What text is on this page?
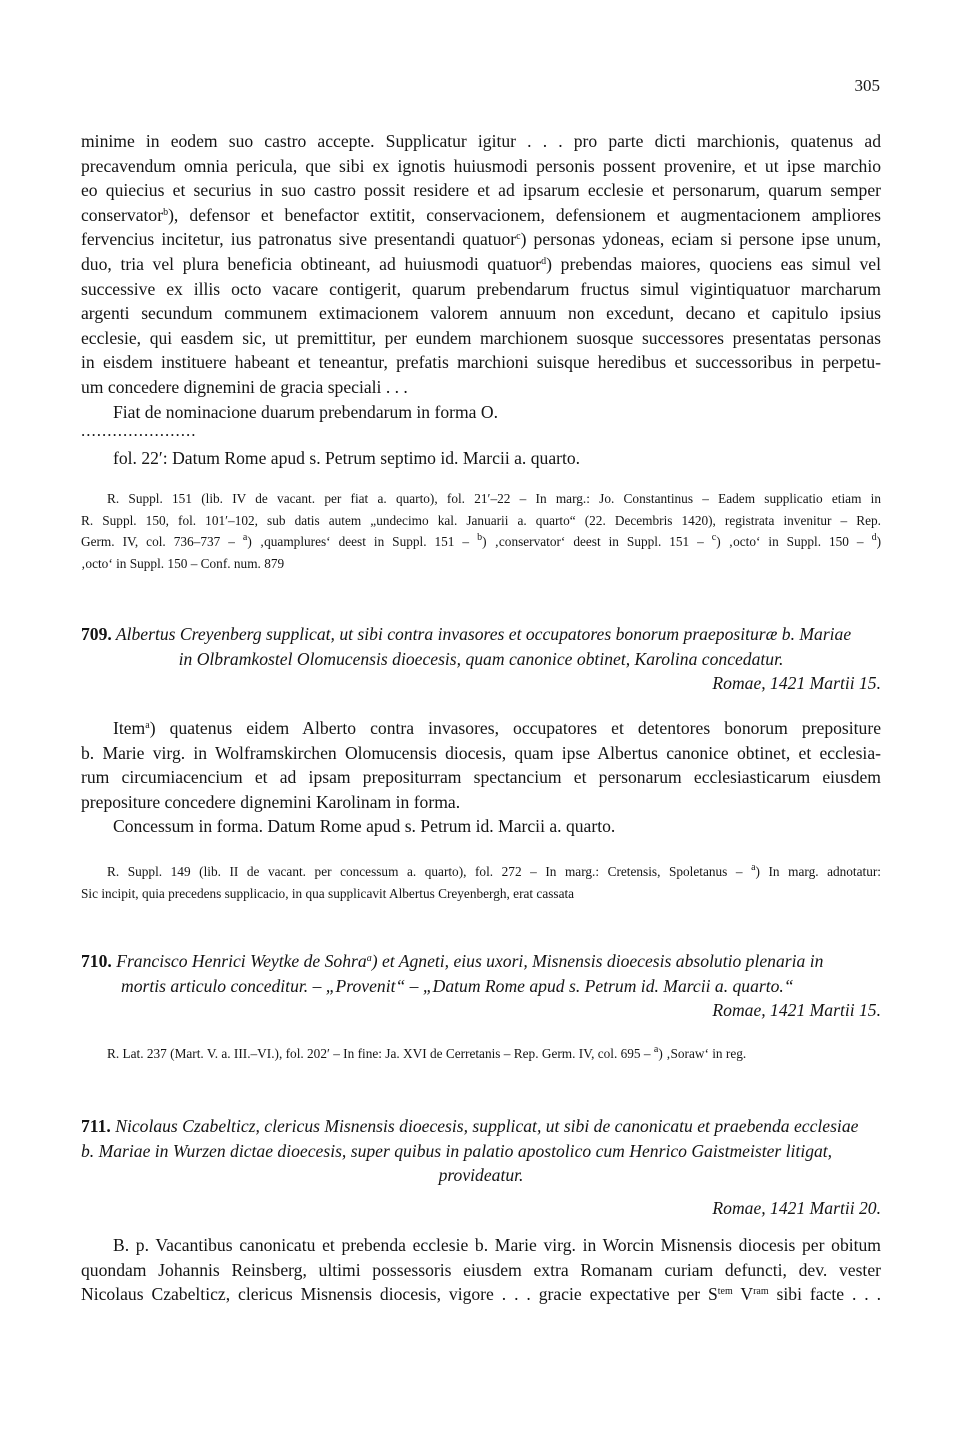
305

minime in eodem suo castro accepte. Supplicatur igitur . . . pro parte dicti marchionis, quatenus ad
precavendum omnia pericula, que sibi ex ignotis huiusmodi personis possent provenire, et ut ipse marchio
eo quiecius et securius in suo castro possit residere et ad ipsarum ecclesie et personarum, quarum semper
conservator$^b$), defensor et benefactor extitit, conservacionem, defensionem et augmentacionem ampliores
fervencius incitetur, ius patronatus sive presentandi quatuor$^c$) personas ydoneas, eciam si persone ipse unum,
duo, tria vel plura beneficia obtineant, ad huiusmodi quatuor$^d$) prebendas maiores, quociens eas simul vel
successive ex illis octo vacare contigerit, quarum prebendarum fructus simul vigintiquatuor marcharum
argenti secundum communem extimacionem valorem annuum non excedunt, decano et capitulo ipsius
ecclesie, qui easdem sic, ut premittitur, per eundem marchionem suosque successores presentatas personas
in eisdem instituere habeant et teneantur, prefatis marchioni suisque heredibus et successoribus in perpetu-
um concedere dignemini de gracia speciali . . .
Fiat de nominacione duarum prebendarum in forma O.

......................

fol. 22′: Datum Rome apud s. Petrum septimo id. Marcii a. quarto.

R. Suppl. 151 (lib. IV de vacant. per fiat a. quarto), fol. 21′–22 – In marg.: Jo. Constantinus – Eadem supplicatio etiam in
R. Suppl. 150, fol. 101′–102, sub datis autem „undecimo kal. Januarii a. quarto“ (22. Decembris 1420), registrata invenitur – Rep.
Germ. IV, col. 736–737 – $^a$) ‚quamplures‘ deest in Suppl. 151 – $^b$) ‚conservator‘ deest in Suppl. 151 – $^c$) ‚octo‘ in Suppl. 150 – $^d$)
‚octo‘ in Suppl. 150 – Conf. num. 879

709. Albertus Creyenberg supplicat, ut sibi contra invasores et occupatores bonorum praeposituræ b. Mariae
in Olbramkostel Olomucensis dioecesis, quam canonice obtinet, Karolina concedatur.

Romae, 1421 Martii 15.

Item$^a$) quatenus eidem Alberto contra invasores, occupatores et detentores bonorum prepositure
b. Marie virg. in Wolframskirchen Olomucensis diocesis, quam ipse Albertus canonice obtinet, et ecclesia-
rum circumiacencium et ad ipsam prepositurram spectancium et personarum ecclesiasticarum eiusdem
prepositure concedere dignemini Karolinam in forma.
Concessum in forma. Datum Rome apud s. Petrum id. Marcii a. quarto.

R. Suppl. 149 (lib. II de vacant. per concessum a. quarto), fol. 272 – In marg.: Cretensis, Spoletanus – $^a$) In marg. adnotatur:
Sic incipit, quia precedens supplicacio, in qua supplicavit Albertus Creyenbergh, erat cassata

710. Francisco Henrici Weytke de Sohra$^a$) et Agneti, eius uxori, Misnensis dioecesis absolutio plenaria in
mortis articulo conceditur. – „Provenit“ – „Datum Rome apud s. Petrum id. Marcii a. quarto.“

Romae, 1421 Martii 15.

R. Lat. 237 (Mart. V. a. III.–VI.), fol. 202′ – In fine: Ja. XVI de Cerretanis – Rep. Germ. IV, col. 695 – $^a$) ‚Soraw‘ in reg.

711. Nicolaus Czabelticz, clericus Misnensis dioecesis, supplicat, ut sibi de canonicatu et praebenda ecclesiae
b. Mariae in Wurzen dictae dioecesis, super quibus in palatio apostolico cum Henrico Gaistmeister litigat,
provideatur.

Romae, 1421 Martii 20.

B. p. Vacantibus canonicatu et prebenda ecclesie b. Marie virg. in Worcin Misnensis diocesis per obitum
quondam Johannis Reinsberg, ultimi possessoris eiusdem extra Romanam curiam defuncti, dev. vester
Nicolaus Czabelticz, clericus Misnensis diocesis, vigore . . . gracie expectative per $S^{tem}$ $V^{ram}$ sibi facte . . .
